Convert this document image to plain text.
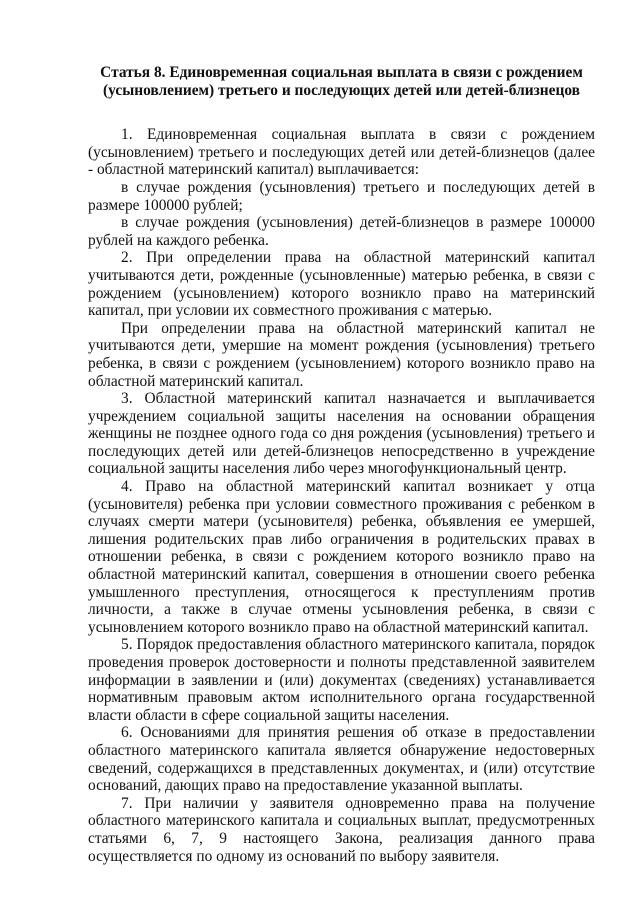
Статья 8. Единовременная социальная выплата в связи с рождением (усыновлением) третьего и последующих детей или детей-близнецов

1. Единовременная социальная выплата в связи с рождением (усыновлением) третьего и последующих детей или детей-близнецов (далее - областной материнский капитал) выплачивается:

в случае рождения (усыновления) третьего и последующих детей в размере 100000 рублей;

в случае рождения (усыновления) детей-близнецов в размере 100000 рублей на каждого ребенка.

2. При определении права на областной материнский капитал учитываются дети, рожденные (усыновленные) матерью ребенка, в связи с рождением (усыновлением) которого возникло право на материнский капитал, при условии их совместного проживания с матерью.

При определении права на областной материнский капитал не учитываются дети, умершие на момент рождения (усыновления) третьего ребенка, в связи с рождением (усыновлением) которого возникло право на областной материнский капитал.

3. Областной материнский капитал назначается и выплачивается учреждением социальной защиты населения на основании обращения женщины не позднее одного года со дня рождения (усыновления) третьего и последующих детей или детей-близнецов непосредственно в учреждение социальной защиты населения либо через многофункциональный центр.

4. Право на областной материнский капитал возникает у отца (усыновителя) ребенка при условии совместного проживания с ребенком в случаях смерти матери (усыновителя) ребенка, объявления ее умершей, лишения родительских прав либо ограничения в родительских правах в отношении ребенка, в связи с рождением которого возникло право на областной материнский капитал, совершения в отношении своего ребенка умышленного преступления, относящегося к преступлениям против личности, а также в случае отмены усыновления ребенка, в связи с усыновлением которого возникло право на областной материнский капитал.

5. Порядок предоставления областного материнского капитала, порядок проведения проверок достоверности и полноты представленной заявителем информации в заявлении и (или) документах (сведениях) устанавливается нормативным правовым актом исполнительного органа государственной власти области в сфере социальной защиты населения.

6. Основаниями для принятия решения об отказе в предоставлении областного материнского капитала является обнаружение недостоверных сведений, содержащихся в представленных документах, и (или) отсутствие оснований, дающих право на предоставление указанной выплаты.

7. При наличии у заявителя одновременно права на получение областного материнского капитала и социальных выплат, предусмотренных статьями 6, 7, 9 настоящего Закона, реализация данного права осуществляется по одному из оснований по выбору заявителя.
